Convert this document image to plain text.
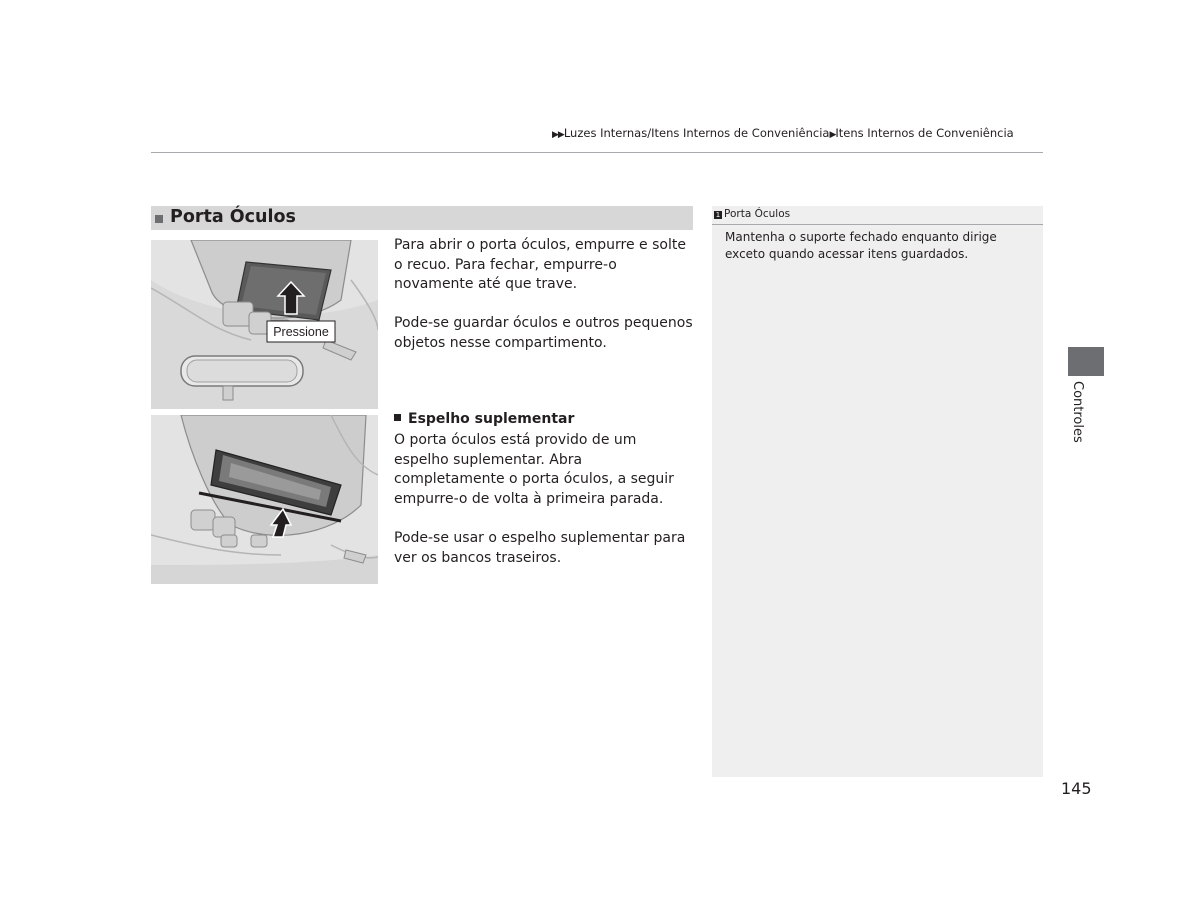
▶▶Luzes Internas/Itens Internos de Conveniência▶Itens Internos de Conveniência
Porta Óculos
Pressione
Para abrir o porta óculos, empurre e solte o recuo. Para fechar, empurre-o novamente até que trave.
Pode-se guardar óculos e outros pequenos objetos nesse compartimento.
Espelho suplementar
O porta óculos está provido de um espelho suplementar. Abra completamente o porta óculos, a seguir empurre-o de volta à primeira parada.
Pode-se usar o espelho suplementar para ver os bancos traseiros.
1 Porta Óculos
Mantenha o suporte fechado enquanto dirige exceto quando acessar itens guardados.
Controles
145
